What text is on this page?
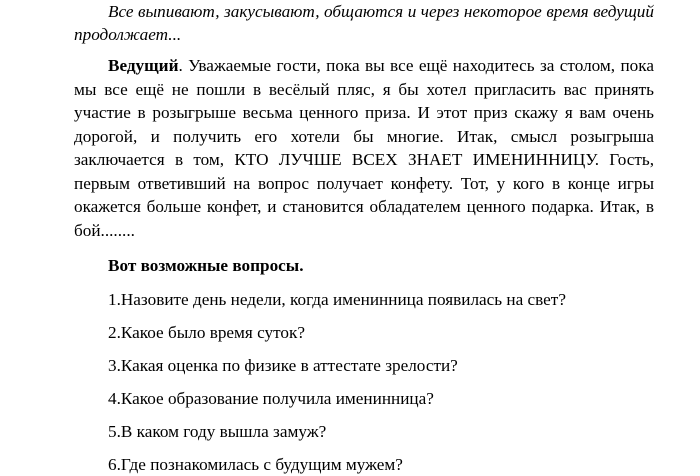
Все выпивают, закусывают, общаются и через некоторое время ведущий продолжает...

Ведущий. Уважаемые гости, пока вы все ещё находитесь за столом, пока мы все ещё не пошли в весёлый пляс, я бы хотел пригласить вас принять участие в розыгрыше весьма ценного приза. И этот приз скажу я вам очень дорогой, и получить его хотели бы многие. Итак, смысл розыгрыша заключается в том, КТО ЛУЧШЕ ВСЕХ ЗНАЕТ ИМЕНИННИЦУ. Гость, первым ответивший на вопрос получает конфету. Тот, у кого в конце игры окажется больше конфет, и становится обладателем ценного подарка. Итак, в бой........

Вот возможные вопросы.

1.Назовите день недели, когда именинница появилась на свет?
2.Какое было время суток?
3.Какая оценка по физике в аттестате зрелости?
4.Какое образование получила именинница?
5.В каком году вышла замуж?
6.Где познакомилась с будущим мужем?
